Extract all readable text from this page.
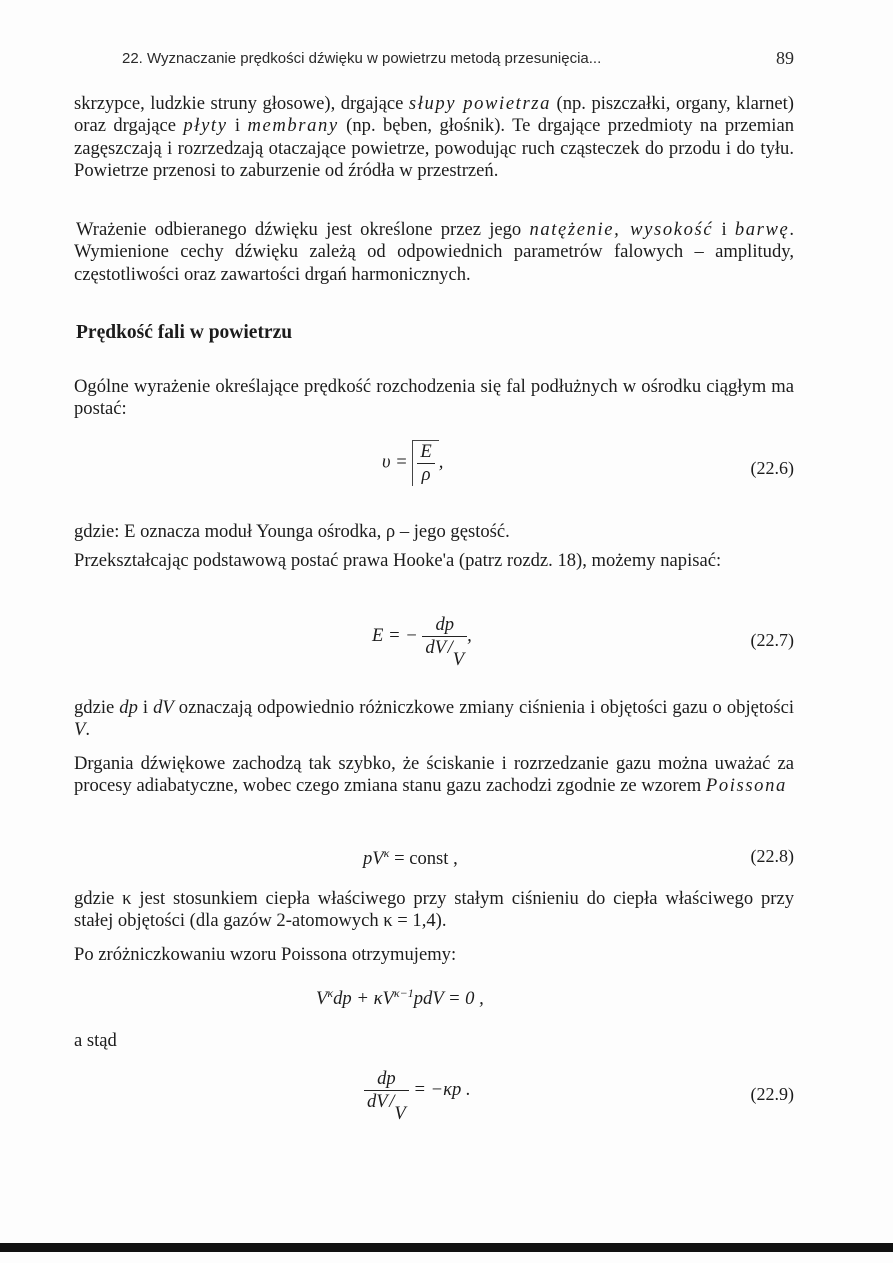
22. Wyznaczanie prędkości dźwięku w powietrzu metodą przesunięcia...	89

skrzypce, ludzkie struny głosowe), drgające słupy powietrza (np. piszczałki, organy, klarnet) oraz drgające płyty i membrany (np. bęben, głośnik). Te drgające przedmioty na przemian zagęszczają i rozrzedzają otaczające powietrze, powodując ruch cząsteczek do przodu i do tyłu. Powietrze przenosi to zaburzenie od źródła w przestrzeń.

Wrażenie odbieranego dźwięku jest określone przez jego natężenie, wysokość i barwę. Wymienione cechy dźwięku zależą od odpowiednich parametrów falowych – amplitudy, częstotliwości oraz zawartości drgań harmonicznych.

Prędkość fali w powietrzu

Ogólne wyrażenie określające prędkość rozchodzenia się fal podłużnych w ośrodku ciągłym ma postać:

$\upsilon = \frac{E}{\rho}$ ,	(22.6)

gdzie: E oznacza moduł Younga ośrodka, ρ – jego gęstość.

Przekształcając podstawową postać prawa Hooke'a (patrz rozdz. 18), możemy napisać:

E = − $\frac{dp}{dV /V}$ ,	(22.7)

gdzie dp i dV oznaczają odpowiednio różniczkowe zmiany ciśnienia i objętości gazu o objętości V.

Drgania dźwiękowe zachodzą tak szybko, że ściskanie i rozrzedzanie gazu można uważać za procesy adiabatyczne, wobec czego zmiana stanu gazu zachodzi zgodnie ze wzorem Poissona

$pV^\kappa$ = const ,	(22.8)

gdzie κ jest stosunkiem ciepła właściwego przy stałym ciśnieniu do ciepła właściwego przy stałej objętości (dla gazów 2-atomowych κ = 1,4).

Po zróżniczkowaniu wzoru Poissona otrzymujemy:

$V^\kappa dp + \kappa V^{\kappa-1}pdV = 0$ ,

a stąd

$\frac{dp}{dV /V} = -\kappa p$ .	(22.9)
